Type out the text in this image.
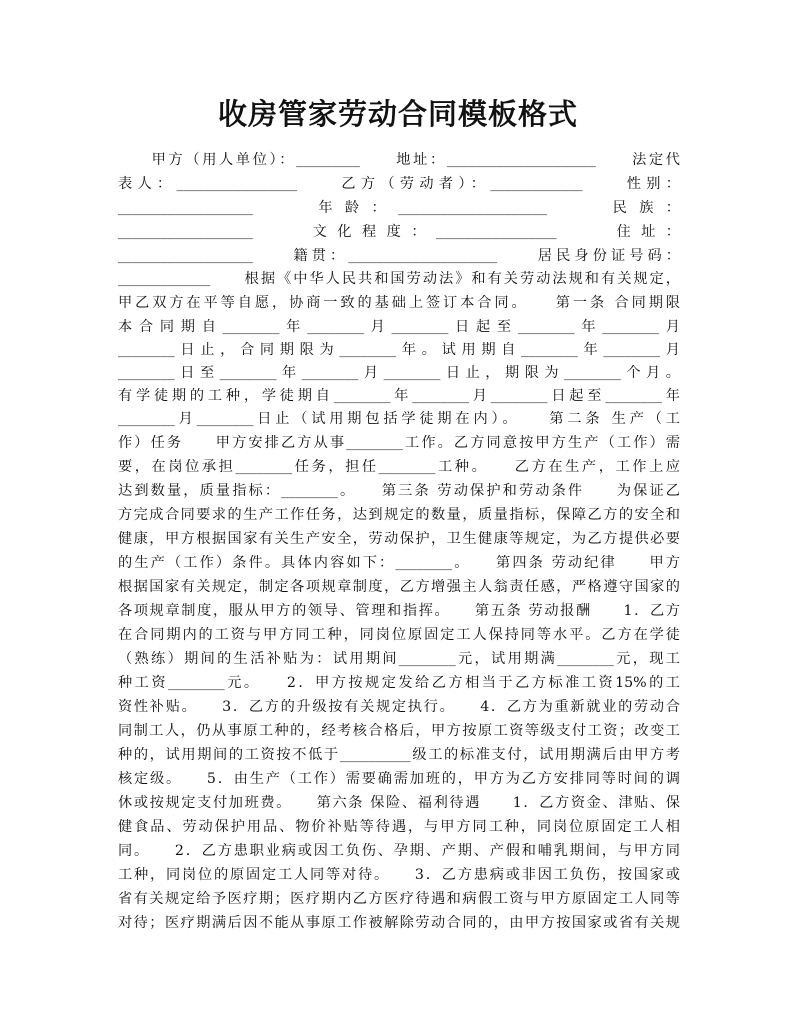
收房管家劳动合同模板格式
　　甲方（用人单位）：_________　　地址：_____________________　　法定代
表人：_________________　　乙方（劳动者）：_____________　　性别：
___________________　　年龄：_____________________　　民族：
___________________　　文化程度：_________________　　住址：
___________________　　籍贯：_____________________　　居民身份证号码：
_____________　　根据《中华人民共和国劳动法》和有关劳动法规和有关规定，
甲乙双方在平等自愿，协商一致的基础上签订本合同。　　第一条 合同期限
本合同期自________年________月________日起至________年________月
________日止，合同期限为________年。试用期自________年________月
________日至________年________月________日止，期限为________个月。
有学徒期的工种，学徒期自________年________月________日起至________年
________月________日止（试用期包括学徒期在内）。　　第二条 生产（工
作）任务　　甲方安排乙方从事________工作。乙方同意按甲方生产（工作）需
要，在岗位承担________任务，担任________工种。　　乙方在生产，工作上应
达到数量，质量指标：________。　　第三条 劳动保护和劳动条件　　为保证乙
方完成合同要求的生产工作任务，达到规定的数量，质量指标，保障乙方的安全和
健康，甲方根据国家有关生产安全，劳动保护，卫生健康等规定，为乙方提供必要
的生产（工作）条件。具体内容如下：________。　　第四条 劳动纪律　　甲方
根据国家有关规定，制定各项规章制度，乙方增强主人翁责任感，严格遵守国家的
各项规章制度，服从甲方的领导、管理和指挥。　　第五条 劳动报酬　　1．乙方
在合同期内的工资与甲方同工种，同岗位原固定工人保持同等水平。乙方在学徒
（熟练）期间的生活补贴为：试用期间________元，试用期满________元，现工
种工资________元。　　2．甲方按规定发给乙方相当于乙方标准工资15%的工
资性补贴。　　3．乙方的升级按有关规定执行。　　4．乙方为重新就业的劳动合
同制工人，仍从事原工种的，经考核合格后，甲方按原工资等级支付工资；改变工
种的，试用期间的工资按不低于__________级工的标准支付，试用期满后由甲方考
核定级。　　5．由生产（工作）需要确需加班的，甲方为乙方安排同等时间的调
休或按规定支付加班费。　　第六条 保险、福利待遇　　1．乙方资金、津贴、保
健食品、劳动保护用品、物价补贴等待遇，与甲方同工种，同岗位原固定工人相
同。　　2．乙方患职业病或因工负伤、孕期、产期、产假和哺乳期间，与甲方同
工种，同岗位的原固定工人同等对待。　　3．乙方患病或非因工负伤，按国家或
省有关规定给予医疗期；医疗期内乙方医疗待遇和病假工资与甲方原固定工人同等
对待；医疗期满后因不能从事原工作被解除劳动合同的，由甲方按国家或省有关规
